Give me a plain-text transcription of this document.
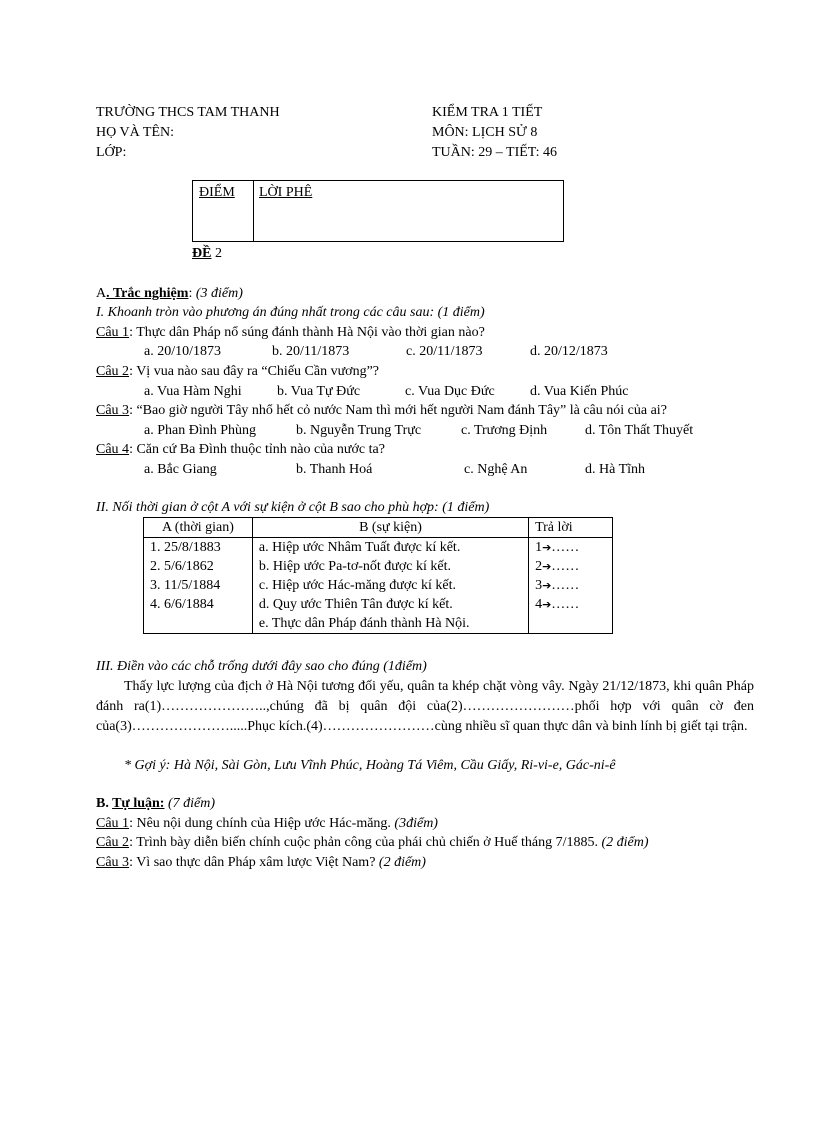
TRƯỜNG THCS TAM THANH
HỌ VÀ TÊN:
LỚP:
KIỂM TRA 1 TIẾT
MÔN: LỊCH SỬ 8
TUẦN: 29 – TIẾT: 46
ĐIỂM LỜI PHÊ
ĐỀ 2
A. Trắc nghiệm: (3 điểm)
I. Khoanh tròn vào phương án đúng nhất trong các câu sau: (1 điểm)
Câu 1: Thực dân Pháp nổ súng đánh thành Hà Nội vào thời gian nào?
a. 20/10/1873	b. 20/11/1873	c. 20/11/1873	d. 20/12/1873
Câu 2: Vị vua nào sau đây ra “Chiếu Cần vương”?
a. Vua Hàm Nghi	b. Vua Tự Đức	c. Vua Dục Đức	d. Vua Kiến Phúc
Câu 3: “Bao giờ người Tây nhổ hết cỏ nước Nam thì mới hết người Nam đánh Tây” là câu nói của ai?
a. Phan Đình Phùng	b. Nguyễn Trung Trực	c. Trương Định	d. Tôn Thất Thuyết
Câu 4: Căn cứ Ba Đình thuộc tỉnh nào của nước ta?
a. Bắc Giang	b. Thanh Hoá	c. Nghệ An	d. Hà Tĩnh
II. Nối thời gian ở cột A với sự kiện ở cột B sao cho phù hợp: (1 điểm)
A (thời gian)	B (sự kiện)	Trả lời
1. 25/8/1883	a. Hiệp ước Nhâm Tuất được kí kết.	1➔……
2. 5/6/1862	b. Hiệp ước Pa-tơ-nốt được kí kết.	2➔……
3. 11/5/1884	c. Hiệp ước Hác-măng được kí kết.	3➔……
4. 6/6/1884	d. Quy ước Thiên Tân được kí kết.	4➔……
	e. Thực dân Pháp đánh thành Hà Nội.	
III. Điền vào các chỗ trống dưới đây sao cho đúng (1điểm)
Thấy lực lượng của địch ở Hà Nội tương đối yếu, quân ta khép chặt vòng vây. Ngày 21/12/1873, khi quân Pháp đánh ra(1)…………………..,chúng đã bị quân đội của(2)……………………phối hợp với quân cờ đen của(3)………………….....Phục kích.(4)……………………cùng nhiều sĩ quan thực dân và binh lính bị giết tại trận.
* Gợi ý: Hà Nội, Sài Gòn, Lưu Vĩnh Phúc, Hoàng Tá Viêm, Cầu Giấy, Ri-vi-e, Gác-ni-ê
B. Tự luận: (7 điểm)
Câu 1: Nêu nội dung chính của Hiệp ước Hác-măng. (3điểm)
Câu 2: Trình bày diễn biến chính cuộc phản công của phái chủ chiến ở Huế tháng 7/1885. (2 điểm)
Câu 3: Vì sao thực dân Pháp xâm lược Việt Nam? (2 điểm)
